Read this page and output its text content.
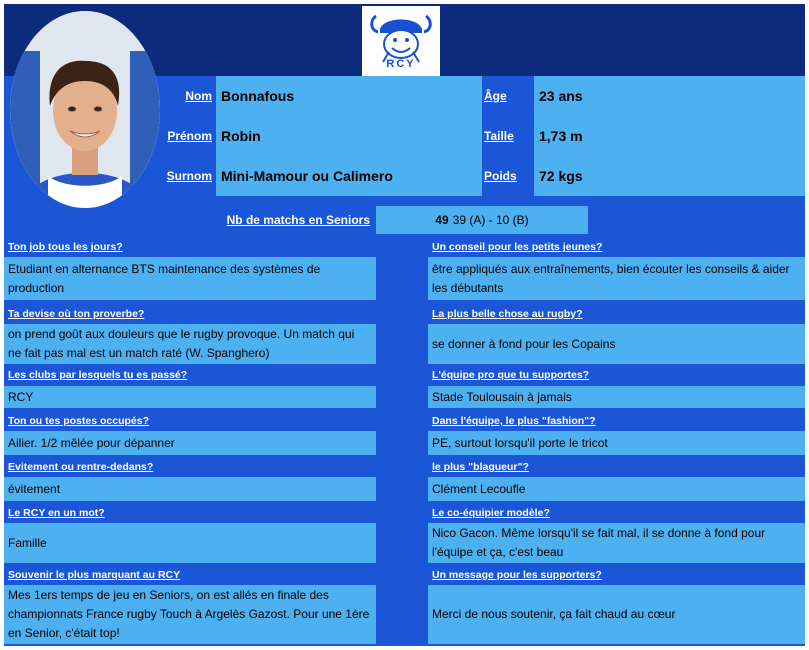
RCY
Nom Bonnafous
Prénom Robin
Surnom Mini-Mamour ou Calimero
Âge	23 ans
Taille	1,73 m
Poids	72 kgs
Nb de matchs en Seniors	49 39 (A) - 10 (B)
Ton job tous les jours?
Etudiant en alternance BTS maintenance des systèmes de production
Ta devise où ton proverbe?
on prend goût aux douleurs que le rugby provoque. Un match qui ne fait pas mal est un match raté (W. Spanghero)
Les clubs par lesquels tu es passé?
RCY
Ton ou tes postes occupés?
Ailier. 1/2 mêlée pour dépanner
Evitement ou rentre-dedans?
évitement
Le RCY en un mot?
Famille
Souvenir le plus marquant au RCY
Mes 1ers temps de jeu en Seniors, on est allés en finale des championnats France rugby Touch à Argelès Gazost. Pour une 1ère en Senior, c'était top!
Un conseil pour les petits jeunes?
être appliqués aux entraînements, bien écouter les conseils & aider les débutants
La plus belle chose au rugby?
se donner à fond pour les Copains
L'équipe pro que tu supportes?
Stade Toulousain à jamais
Dans l'équipe, le plus "fashion"?
PE, surtout lorsqu'il porte le tricot
le plus "blagueur"?
Clément Lecoufle
Le co-équipier modèle?
Nico Gacon. Même lorsqu'il se fait mal, il se donne à fond pour l'équipe et ça, c'est beau
Un message pour les supporters?
Merci de nous soutenir, ça fait chaud au cœur
